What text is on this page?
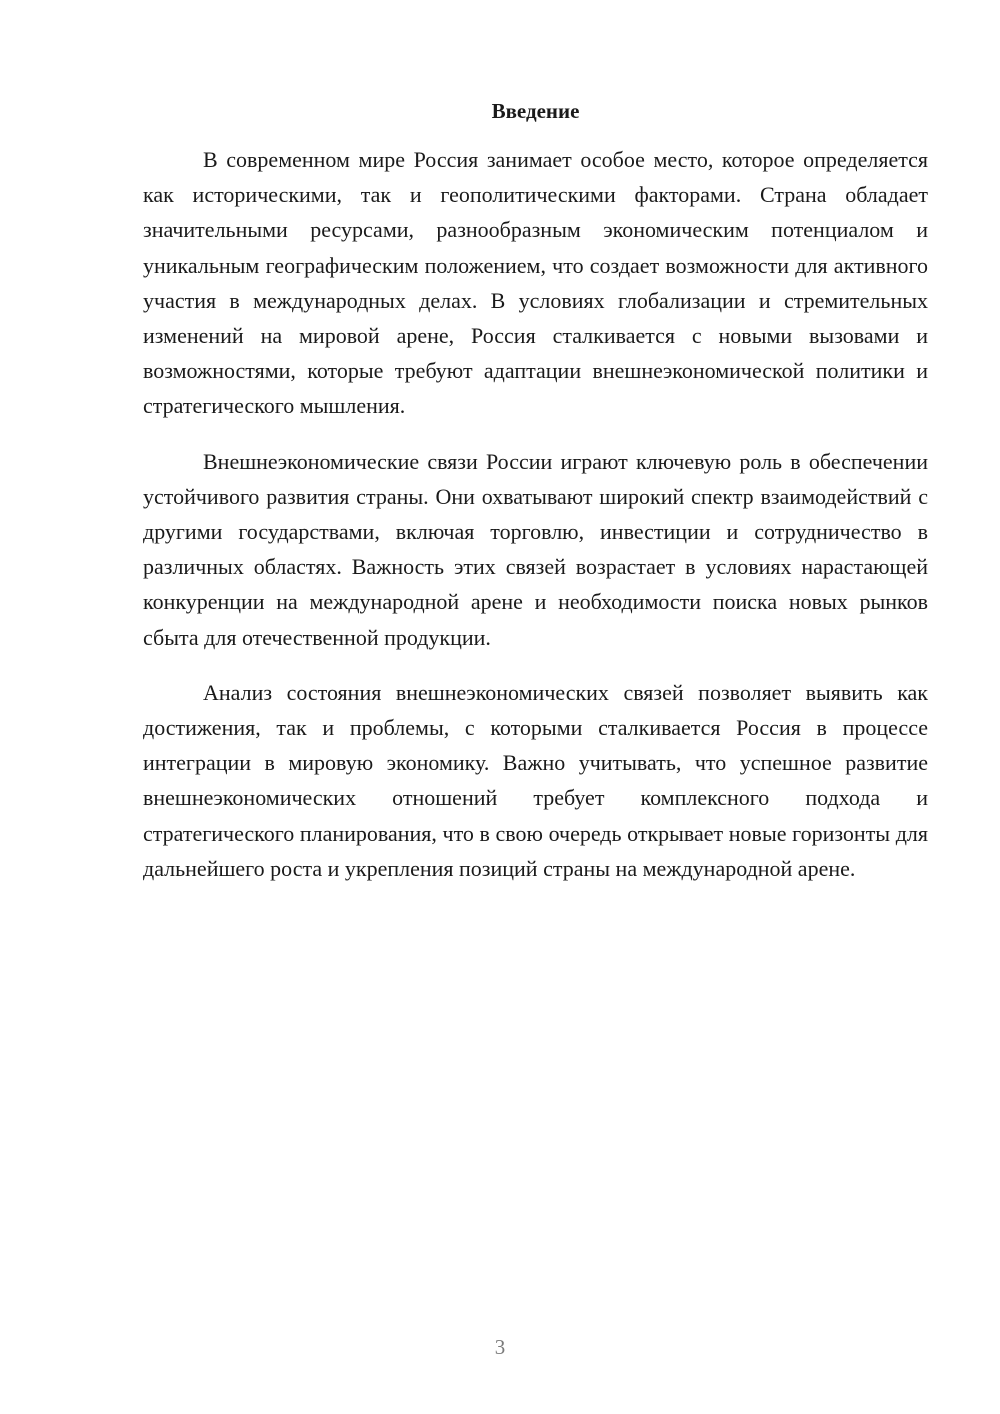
Введение

В современном мире Россия занимает особое место, которое определяется как историческими, так и геополитическими факторами. Страна обладает значительными ресурсами, разнообразным экономическим потенциалом и уникальным географическим положением, что создает возможности для активного участия в международных делах. В условиях глобализации и стремительных изменений на мировой арене, Россия сталкивается с новыми вызовами и возможностями, которые требуют адаптации внешнеэкономической политики и стратегического мышления.

Внешнеэкономические связи России играют ключевую роль в обеспечении устойчивого развития страны. Они охватывают широкий спектр взаимодействий с другими государствами, включая торговлю, инвестиции и сотрудничество в различных областях. Важность этих связей возрастает в условиях нарастающей конкуренции на международной арене и необходимости поиска новых рынков сбыта для отечественной продукции.

Анализ состояния внешнеэкономических связей позволяет выявить как достижения, так и проблемы, с которыми сталкивается Россия в процессе интеграции в мировую экономику. Важно учитывать, что успешное развитие внешнеэкономических отношений требует комплексного подхода и стратегического планирования, что в свою очередь открывает новые горизонты для дальнейшего роста и укрепления позиций страны на международной арене.

3
